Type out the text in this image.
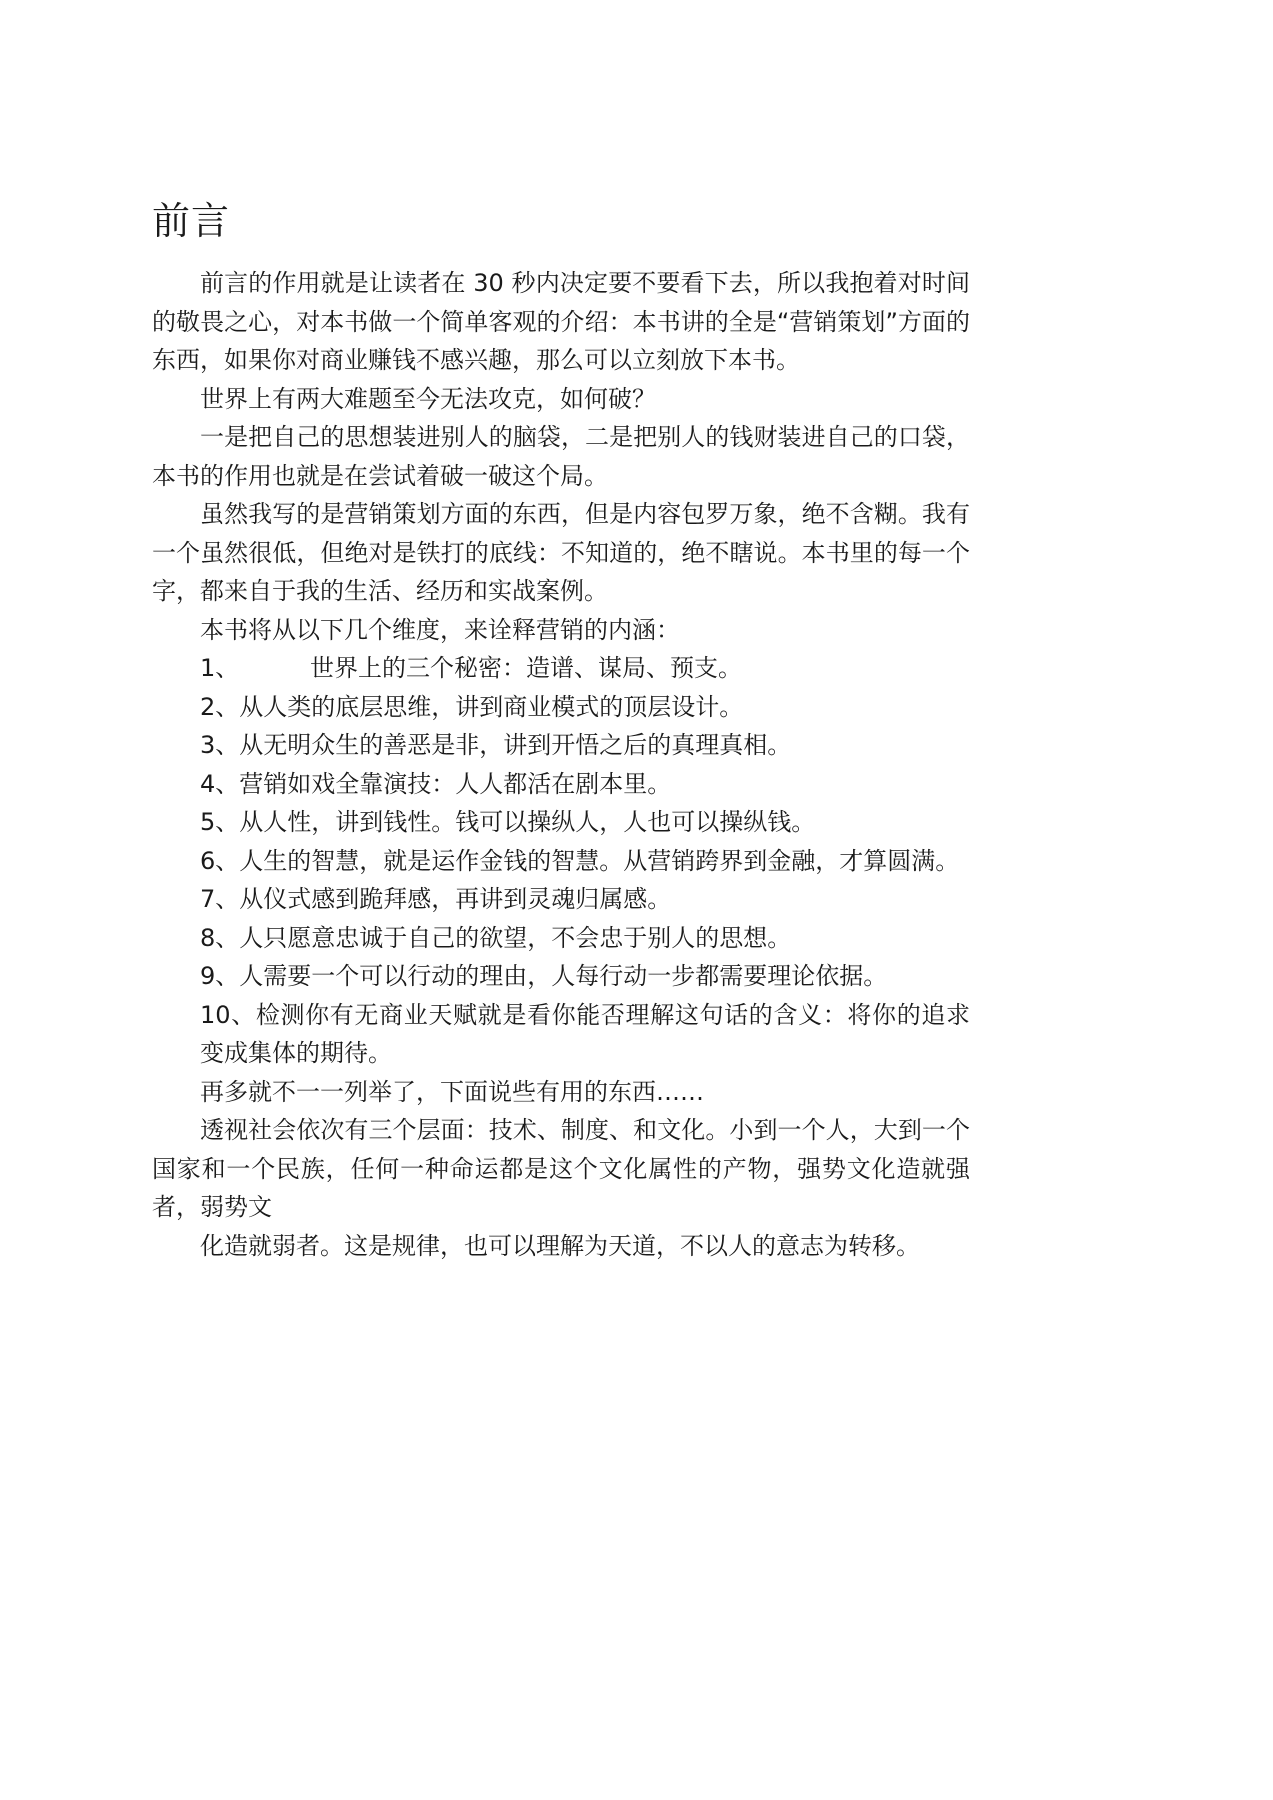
前言

前言的作用就是让读者在 30 秒内决定要不要看下去，所以我抱着对时间的敬畏之心，对本书做一个简单客观的介绍：本书讲的全是“营销策划”方面的东西，如果你对商业赚钱不感兴趣，那么可以立刻放下本书。

世界上有两大难题至今无法攻克，如何破？

一是把自己的思想装进别人的脑袋，二是把别人的钱财装进自己的口袋，本书的作用也就是在尝试着破一破这个局。

虽然我写的是营销策划方面的东西，但是内容包罗万象，绝不含糊。我有一个虽然很低，但绝对是铁打的底线：不知道的，绝不瞎说。本书里的每一个字，都来自于我的生活、经历和实战案例。

本书将从以下几个维度，来诠释营销的内涵：

1、	世界上的三个秘密：造谱、谋局、预支。

2、从人类的底层思维，讲到商业模式的顶层设计。

3、从无明众生的善恶是非，讲到开悟之后的真理真相。

4、营销如戏全靠演技：人人都活在剧本里。

5、从人性，讲到钱性。钱可以操纵人，人也可以操纵钱。

6、人生的智慧，就是运作金钱的智慧。从营销跨界到金融，才算圆满。

7、从仪式感到跪拜感，再讲到灵魂归属感。

8、人只愿意忠诚于自己的欲望，不会忠于别人的思想。

9、人需要一个可以行动的理由，人每行动一步都需要理论依据。

10、检测你有无商业天赋就是看你能否理解这句话的含义：将你的追求变成集体的期待。

再多就不一一列举了，下面说些有用的东西……

透视社会依次有三个层面：技术、制度、和文化。小到一个人，大到一个国家和一个民族，任何一种命运都是这个文化属性的产物，强势文化造就强者，弱势文

化造就弱者。这是规律，也可以理解为天道，不以人的意志为转移。
